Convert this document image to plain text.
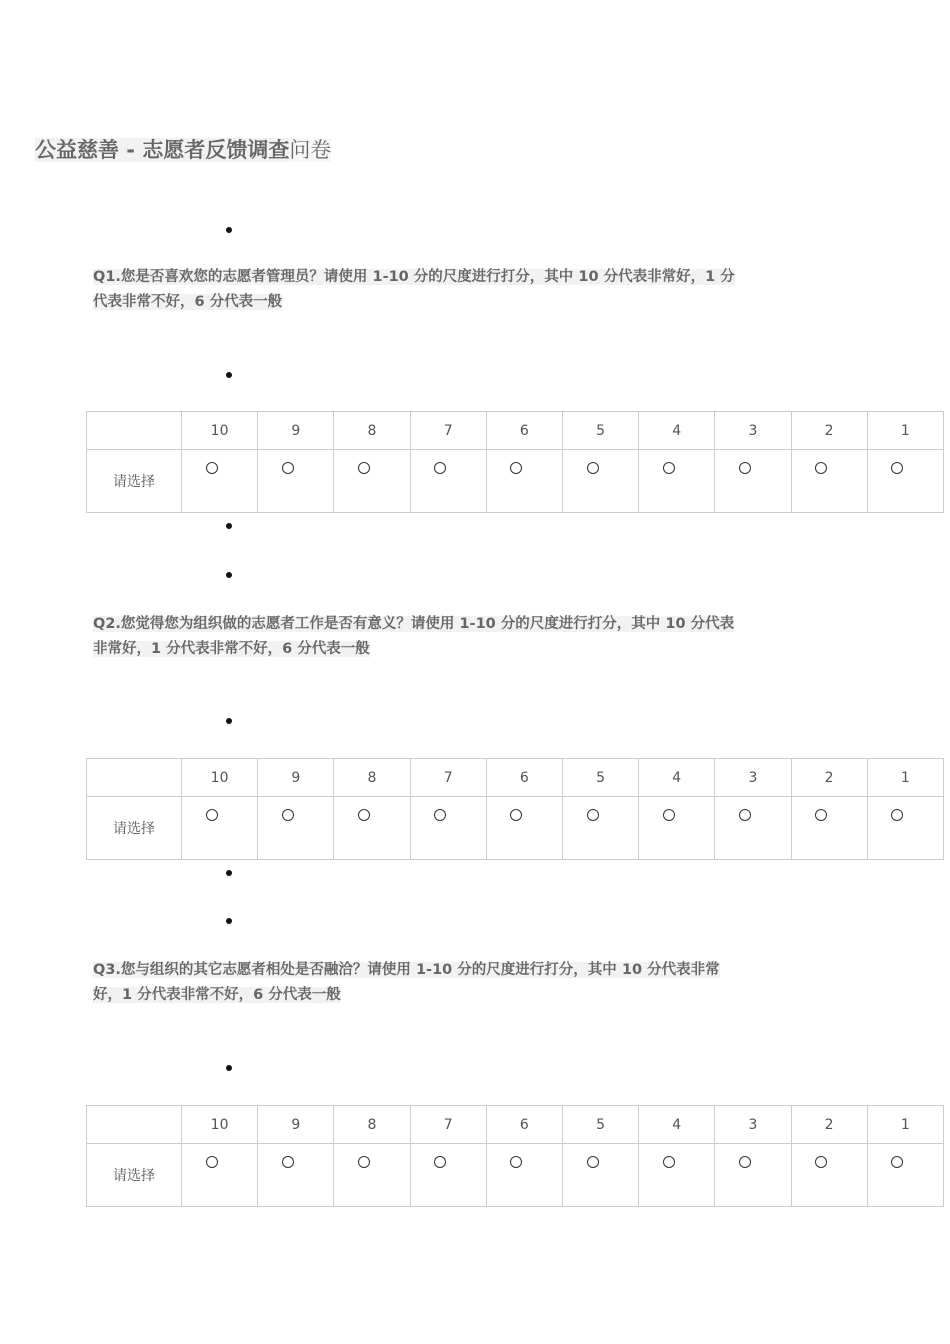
公益慈善 - 志愿者反馈调查问卷

Q1.您是否喜欢您的志愿者管理员？请使用 1-10 分的尺度进行打分，其中 10 分代表非常好，1 分代表非常不好，6 分代表一般

	10	9	8	7	6	5	4	3	2	1
请选择										

Q2.您觉得您为组织做的志愿者工作是否有意义？请使用 1-10 分的尺度进行打分，其中 10 分代表非常好，1 分代表非常不好，6 分代表一般

	10	9	8	7	6	5	4	3	2	1
请选择										

Q3.您与组织的其它志愿者相处是否融洽？请使用 1-10 分的尺度进行打分，其中 10 分代表非常好，1 分代表非常不好，6 分代表一般

	10	9	8	7	6	5	4	3	2	1
请选择										
